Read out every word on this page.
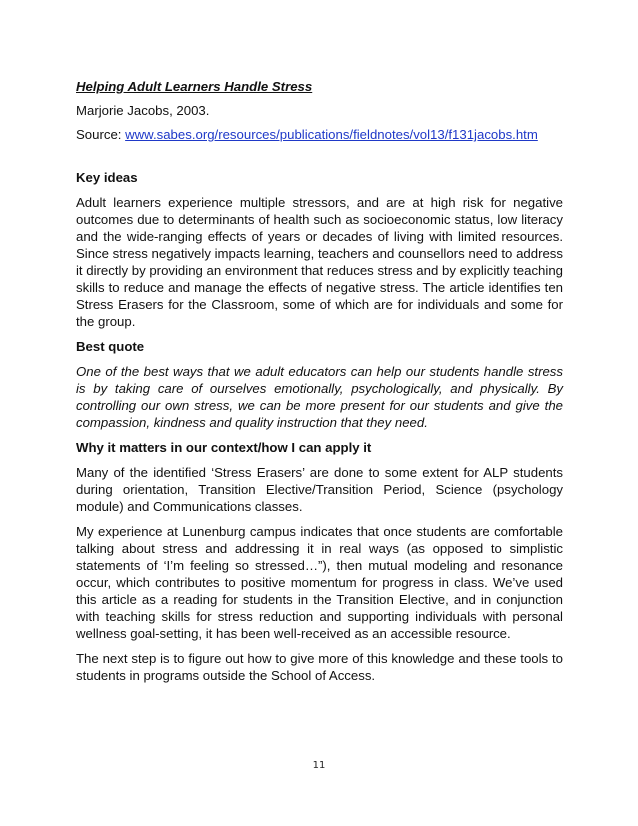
Helping Adult Learners Handle Stress

Marjorie Jacobs, 2003.

Source: www.sabes.org/resources/publications/fieldnotes/vol13/f131jacobs.htm

Key ideas

Adult learners experience multiple stressors, and are at high risk for negative outcomes due to determinants of health such as socioeconomic status, low literacy and the wide-ranging effects of years or decades of living with limited resources. Since stress negatively impacts learning, teachers and counsellors need to address it directly by providing an environment that reduces stress and by explicitly teaching skills to reduce and manage the effects of negative stress. The article identifies ten Stress Erasers for the Classroom, some of which are for individuals and some for the group.

Best quote

One of the best ways that we adult educators can help our students handle stress is by taking care of ourselves emotionally, psychologically, and physically. By controlling our own stress, we can be more present for our students and give the compassion, kindness and quality instruction that they need.

Why it matters in our context/how I can apply it

Many of the identified ‘Stress Erasers’ are done to some extent for ALP students during orientation, Transition Elective/Transition Period, Science (psychology module) and Communications classes.

My experience at Lunenburg campus indicates that once students are comfortable talking about stress and addressing it in real ways (as opposed to simplistic statements of ‘I’m feeling so stressed…”), then mutual modeling and resonance occur, which contributes to positive momentum for progress in class. We’ve used this article as a reading for students in the Transition Elective, and in conjunction with teaching skills for stress reduction and supporting individuals with personal wellness goal-setting, it has been well-received as an accessible resource.

The next step is to figure out how to give more of this knowledge and these tools to students in programs outside the School of Access.

11
